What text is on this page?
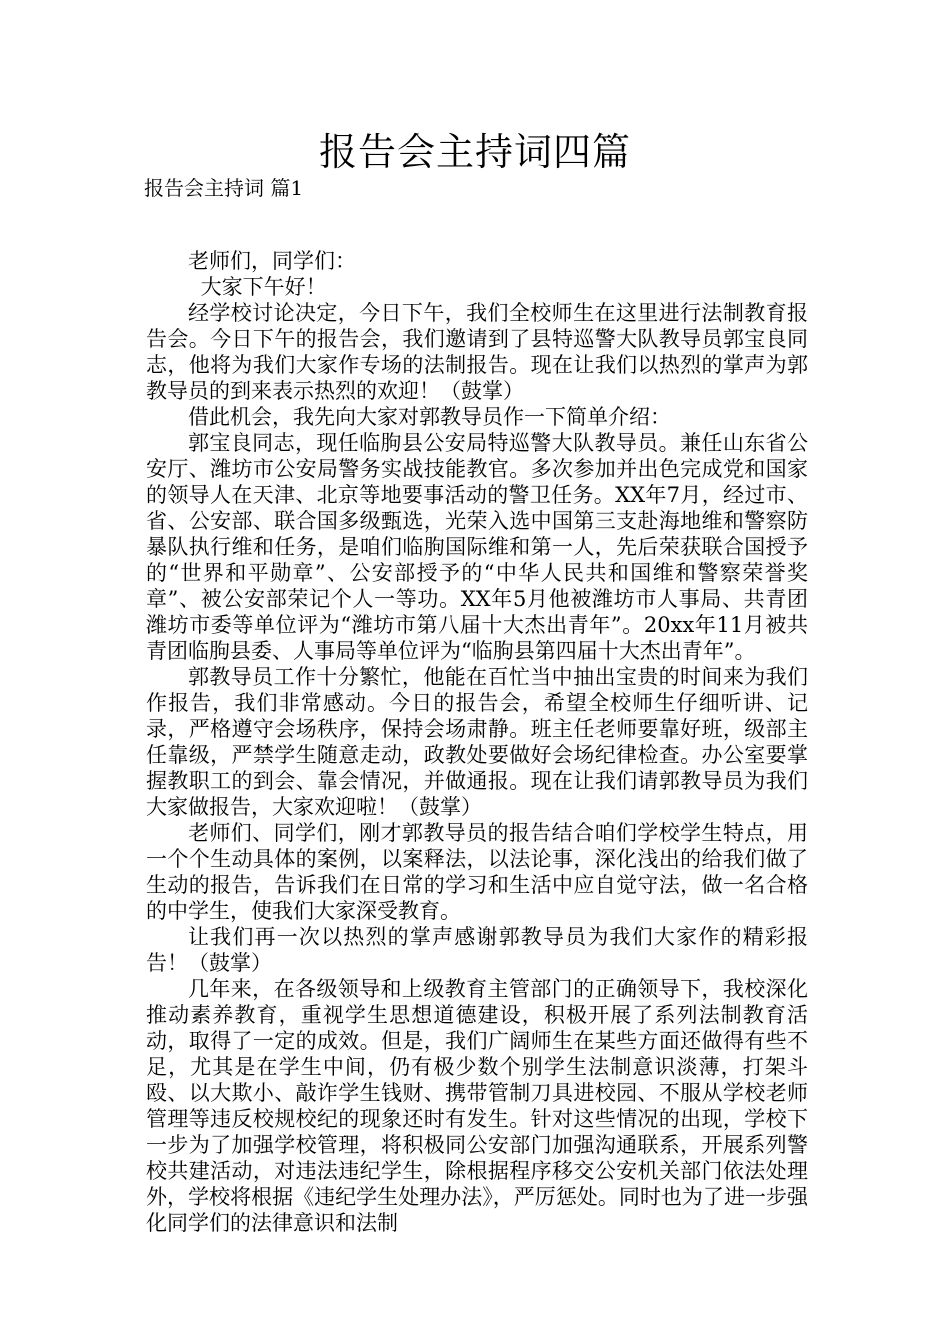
报告会主持词四篇
报告会主持词 篇1

老师们，同学们：

大家下午好！

经学校讨论决定，今日下午，我们全校师生在这里进行法制教育报告会。今日下午的报告会，我们邀请到了县特巡警大队教导员郭宝良同志，他将为我们大家作专场的法制报告。现在让我们以热烈的掌声为郭教导员的到来表示热烈的欢迎！（鼓掌）

借此机会，我先向大家对郭教导员作一下简单介绍：

郭宝良同志，现任临朐县公安局特巡警大队教导员。兼任山东省公安厅、潍坊市公安局警务实战技能教官。多次参加并出色完成党和国家的领导人在天津、北京等地要事活动的警卫任务。XX年7月，经过市、省、公安部、联合国多级甄选，光荣入选中国第三支赴海地维和警察防暴队执行维和任务，是咱们临朐国际维和第一人，先后荣获联合国授予的“世界和平勋章”、公安部授予的“中华人民共和国维和警察荣誉奖章”、被公安部荣记个人一等功。XX年5月他被潍坊市人事局、共青团潍坊市委等单位评为“潍坊市第八届十大杰出青年”。20xx年11月被共青团临朐县委、人事局等单位评为“临朐县第四届十大杰出青年”。

郭教导员工作十分繁忙，他能在百忙当中抽出宝贵的时间来为我们作报告，我们非常感动。今日的报告会，希望全校师生仔细听讲、记录，严格遵守会场秩序，保持会场肃静。班主任老师要靠好班，级部主任靠级，严禁学生随意走动，政教处要做好会场纪律检查。办公室要掌握教职工的到会、靠会情况，并做通报。现在让我们请郭教导员为我们大家做报告，大家欢迎啦！（鼓掌）

老师们、同学们，刚才郭教导员的报告结合咱们学校学生特点，用一个个生动具体的案例，以案释法，以法论事，深化浅出的给我们做了生动的报告，告诉我们在日常的学习和生活中应自觉守法，做一名合格的中学生，使我们大家深受教育。

让我们再一次以热烈的掌声感谢郭教导员为我们大家作的精彩报告！（鼓掌）

几年来，在各级领导和上级教育主管部门的正确领导下，我校深化推动素养教育，重视学生思想道德建设，积极开展了系列法制教育活动，取得了一定的成效。但是，我们广阔师生在某些方面还做得有些不足，尤其是在学生中间，仍有极少数个别学生法制意识淡薄，打架斗殴、以大欺小、敲诈学生钱财、携带管制刀具进校园、不服从学校老师管理等违反校规校纪的现象还时有发生。针对这些情况的出现，学校下一步为了加强学校管理，将积极同公安部门加强沟通联系，开展系列警校共建活动，对违法违纪学生，除根据程序移交公安机关部门依法处理外，学校将根据《违纪学生处理办法》，严厉惩处。同时也为了进一步强化同学们的法律意识和法制
